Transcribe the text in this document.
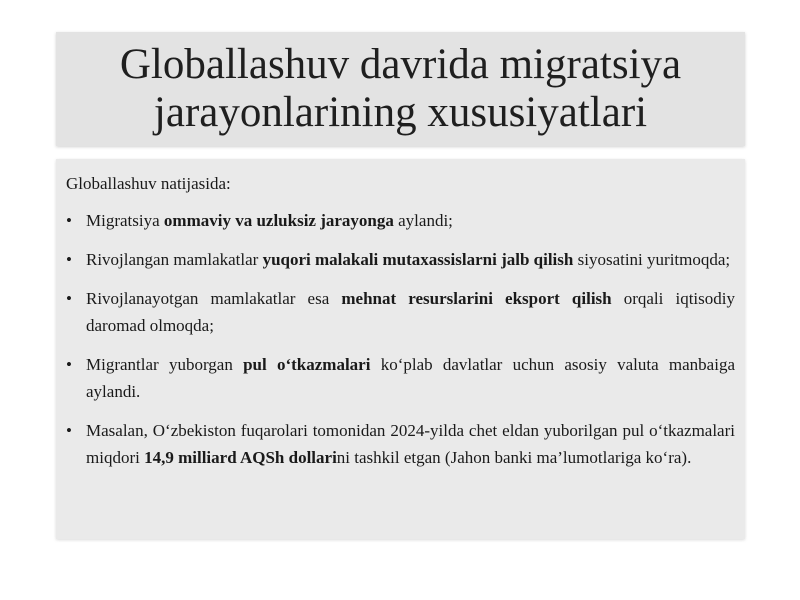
Globallashuv davrida migratsiya jarayonlarining xususiyatlari

Globallashuv natijasida:

• Migratsiya ommaviy va uzluksiz jarayonga aylandi;
• Rivojlangan mamlakatlar yuqori malakali mutaxassislarni jalb qilish siyosatini yuritmoqda;
• Rivojlanayotgan mamlakatlar esa mehnat resurslarini eksport qilish orqali iqtisodiy daromad olmoqda;
• Migrantlar yuborgan pul o‘tkazmalari ko‘plab davlatlar uchun asosiy valuta manbaiga aylandi.
• Masalan, O‘zbekiston fuqarolari tomonidan 2024-yilda chet eldan yuborilgan pul o‘tkazmalari miqdori 14,9 milliard AQSh dollarini tashkil etgan (Jahon banki ma’lumotlariga ko‘ra).
